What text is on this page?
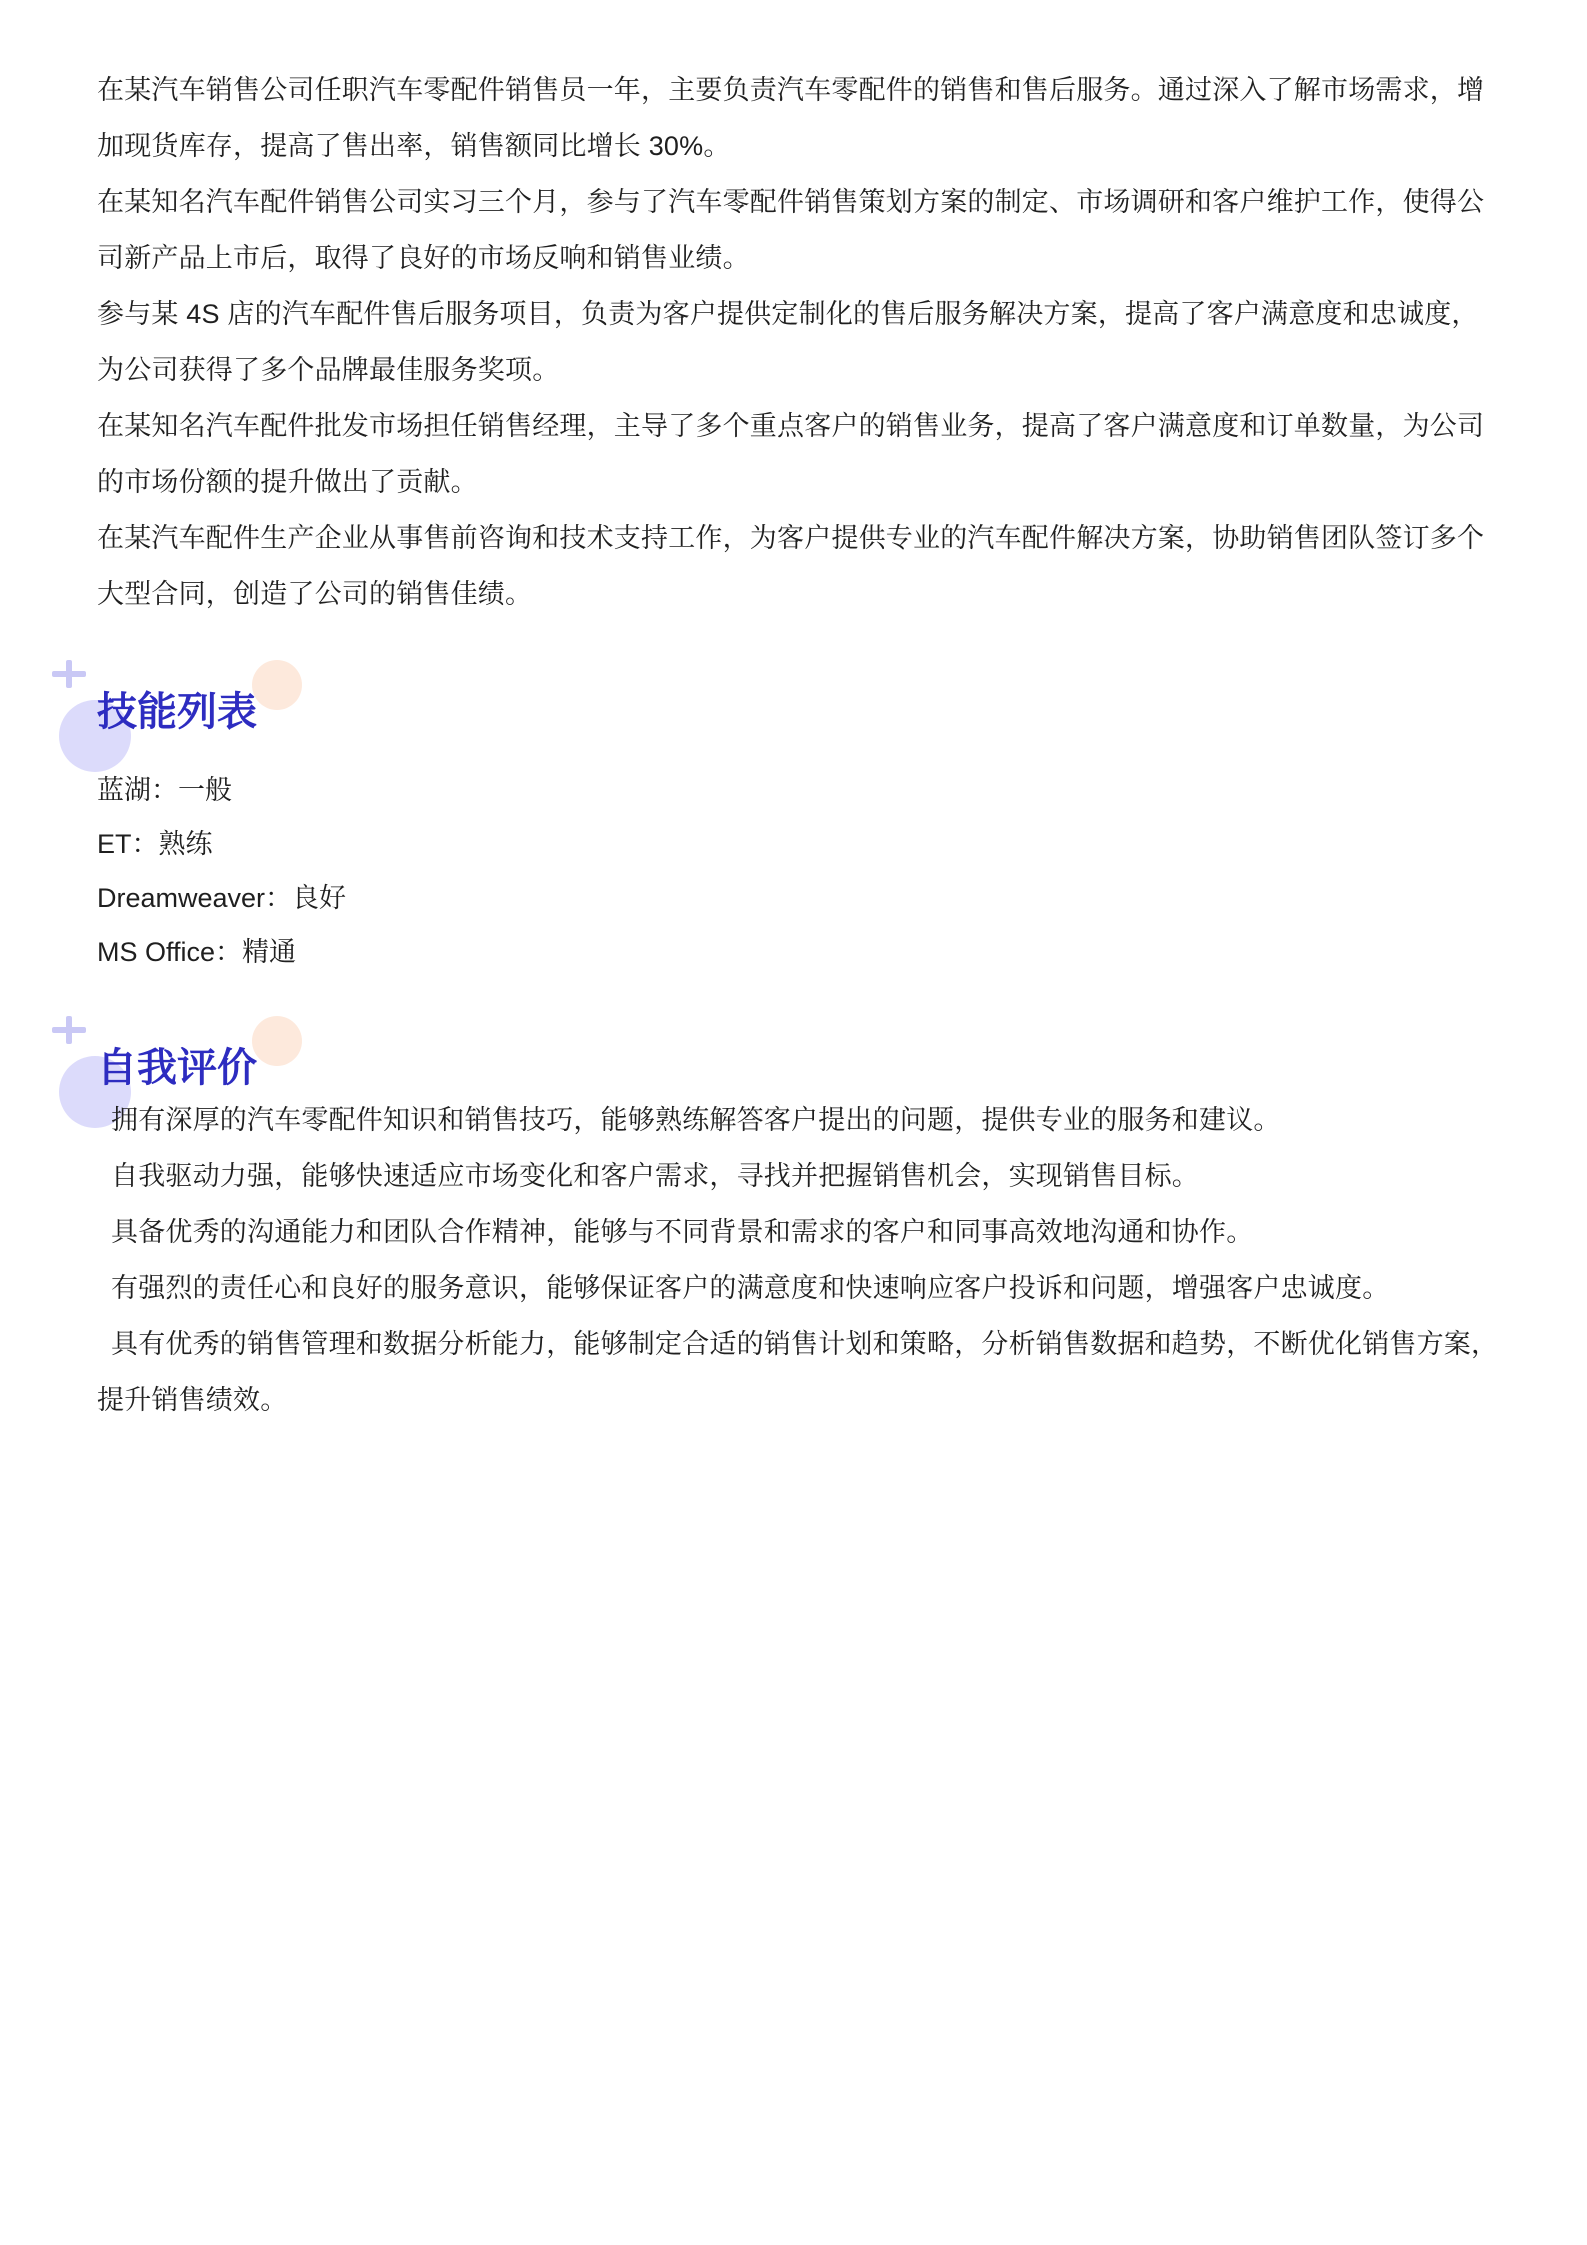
在某汽车销售公司任职汽车零配件销售员一年，主要负责汽车零配件的销售和售后服务。通过深入了解市场需求，增加现货库存，提高了售出率，销售额同比增长 30%。

在某知名汽车配件销售公司实习三个月，参与了汽车零配件销售策划方案的制定、市场调研和客户维护工作，使得公司新产品上市后，取得了良好的市场反响和销售业绩。

参与某 4S 店的汽车配件售后服务项目，负责为客户提供定制化的售后服务解决方案，提高了客户满意度和忠诚度，为公司获得了多个品牌最佳服务奖项。

在某知名汽车配件批发市场担任销售经理，主导了多个重点客户的销售业务，提高了客户满意度和订单数量，为公司的市场份额的提升做出了贡献。

在某汽车配件生产企业从事售前咨询和技术支持工作，为客户提供专业的汽车配件解决方案，协助销售团队签订多个大型合同，创造了公司的销售佳绩。

技能列表

蓝湖：一般

ET：熟练

Dreamweaver：良好

MS Office：精通

自我评价

拥有深厚的汽车零配件知识和销售技巧，能够熟练解答客户提出的问题，提供专业的服务和建议。

自我驱动力强，能够快速适应市场变化和客户需求，寻找并把握销售机会，实现销售目标。

具备优秀的沟通能力和团队合作精神，能够与不同背景和需求的客户和同事高效地沟通和协作。

有强烈的责任心和良好的服务意识，能够保证客户的满意度和快速响应客户投诉和问题，增强客户忠诚度。

具有优秀的销售管理和数据分析能力，能够制定合适的销售计划和策略，分析销售数据和趋势，不断优化销售方案，提升销售绩效。
